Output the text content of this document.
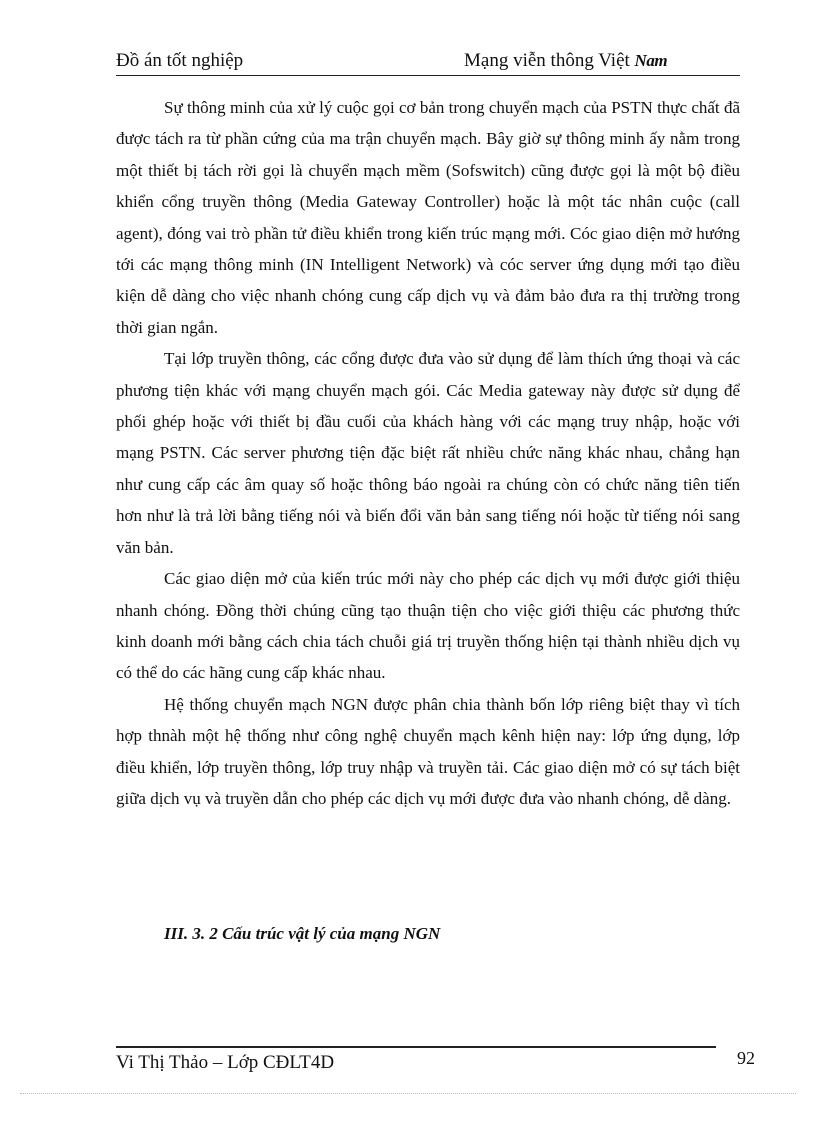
Đồ án tốt nghiệp	Mạng viễn thông Việt Nam

Sự thông minh của xử lý cuộc gọi cơ bản trong chuyển mạch của PSTN thực chất đã được tách ra từ phần cứng của ma trận chuyển mạch. Bây giờ sự thông minh ấy nằm trong một thiết bị tách rời gọi là chuyển mạch mềm (Sofswitch) cũng được gọi là một bộ điều khiển cổng truyền thông (Media Gateway Controller) hoặc là một tác nhân cuộc (call agent), đóng vai trò phần tử điều khiển trong kiến trúc mạng mới. Cóc giao diện mở hướng tới các mạng thông minh (IN Intelligent Network) và cóc server ứng dụng mới tạo điều kiện dễ dàng cho việc nhanh chóng cung cấp dịch vụ và đảm bảo đưa ra thị trường trong thời gian ngắn.

Tại lớp truyền thông, các cổng được đưa vào sử dụng để làm thích ứng thoại và các phương tiện khác với mạng chuyển mạch gói. Các Media gateway này được sử dụng để phối ghép hoặc với thiết bị đầu cuối của khách hàng với các mạng truy nhập, hoặc với mạng PSTN. Các server phương tiện đặc biệt rất nhiều chức năng khác nhau, chẳng hạn như cung cấp các âm quay số hoặc thông báo ngoài ra chúng còn có chức năng tiên tiến hơn như là trả lời bằng tiếng nói và biến đổi văn bản sang tiếng nói hoặc từ tiếng nói sang văn bản.

Các giao diện mở của kiến trúc mới này cho phép các dịch vụ mới được giới thiệu nhanh chóng. Đồng thời chúng cũng tạo thuận tiện cho việc giới thiệu các phương thức kinh doanh mới bằng cách chia tách chuỗi giá trị truyền thống hiện tại thành nhiều dịch vụ có thể do các hãng cung cấp khác nhau.

Hệ thống chuyển mạch NGN được phân chia thành bốn lớp riêng biệt thay vì tích hợp thnàh một hệ thống như công nghệ chuyển mạch kênh hiện nay: lớp ứng dụng, lớp điều khiển, lớp truyền thông, lớp truy nhập và truyền tải. Các giao diện mở có sự tách biệt giữa dịch vụ và truyền dẫn cho phép các dịch vụ mới được đưa vào nhanh chóng, dễ dàng.

III. 3. 2 Cấu trúc vật lý của mạng NGN
Vi Thị Thảo – Lớp CĐLT4D	92
